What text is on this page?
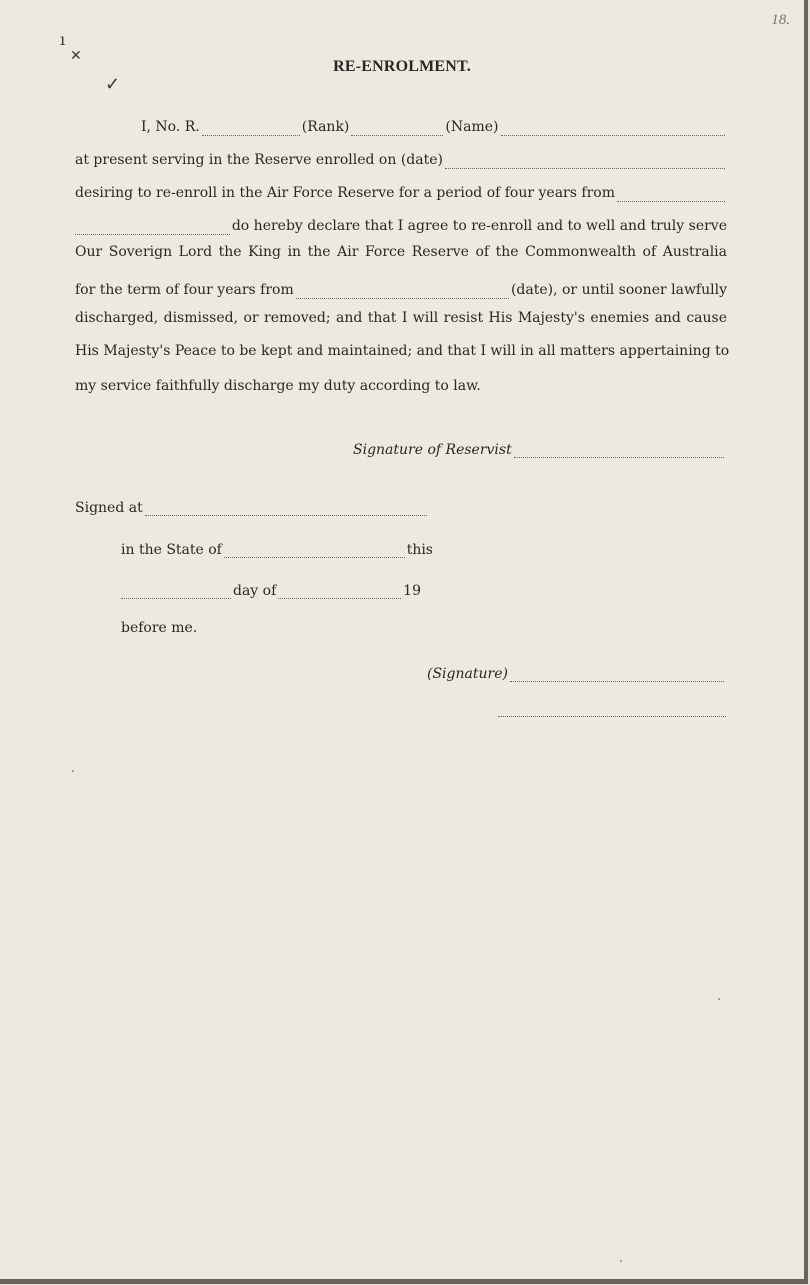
18.
ı
✕
✓
RE-ENROLMENT.
I, No. R.	(Rank)	(Name)
at present serving in the Reserve enrolled on (date)
desiring to re-enroll in the Air Force Reserve for a period of four years from
do hereby declare that I agree to re-enroll and to well and truly serve
Our Soverign Lord the King in the Air Force Reserve of the Commonwealth of Australia
for the term of four years from	(date), or until sooner lawfully
discharged, dismissed, or removed; and that I will resist His Majesty's enemies and cause
His Majesty's Peace to be kept and maintained; and that I will in all matters appertaining to
my service faithfully discharge my duty according to law.
Signature of Reservist
Signed at
in the State of	this
day of	19
before me.
(Signature)
